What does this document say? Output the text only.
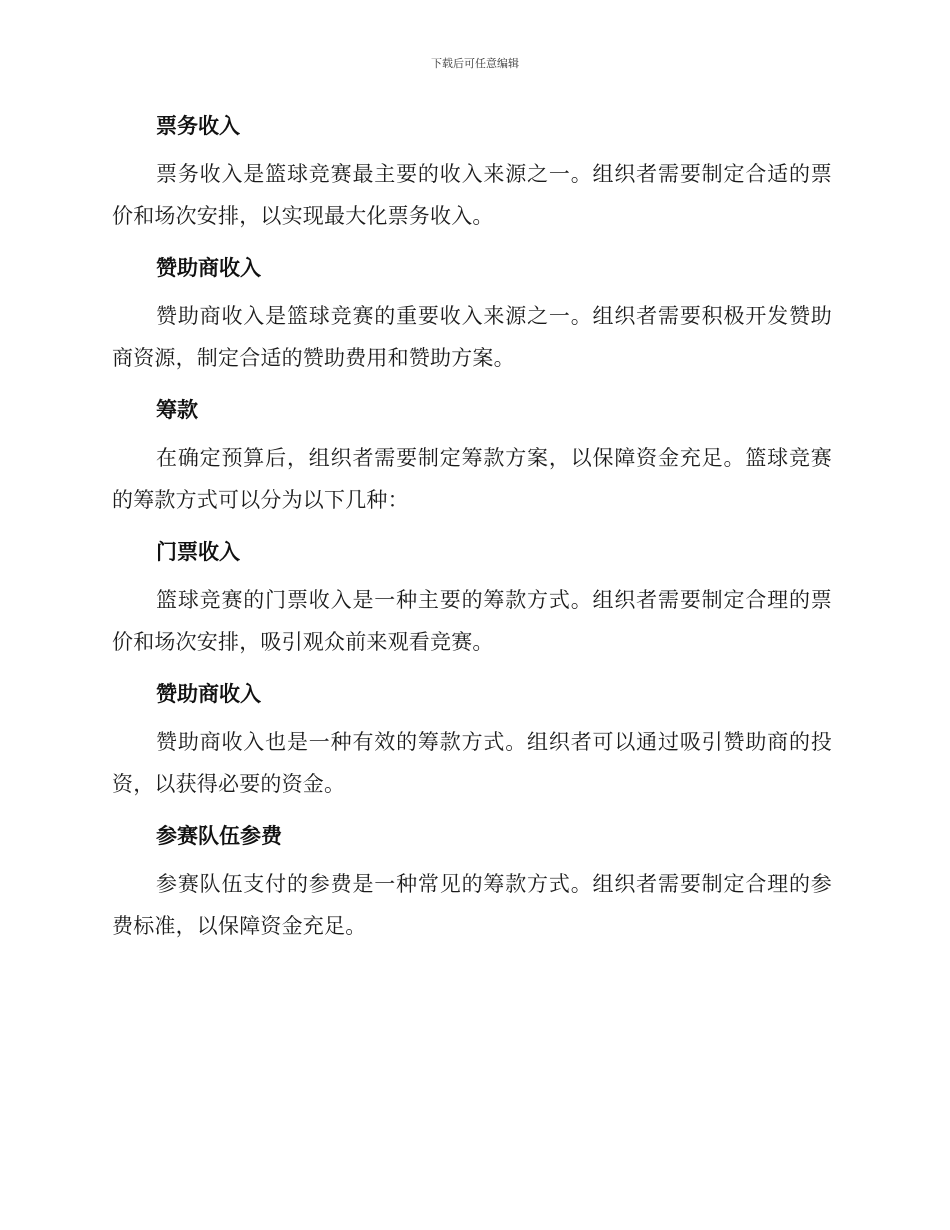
下载后可任意编辑
票务收入

票务收入是篮球竞赛最主要的收入来源之一。组织者需要制定合适的票价和场次安排，以实现最大化票务收入。

赞助商收入

赞助商收入是篮球竞赛的重要收入来源之一。组织者需要积极开发赞助商资源，制定合适的赞助费用和赞助方案。

筹款

在确定预算后，组织者需要制定筹款方案，以保障资金充足。篮球竞赛的筹款方式可以分为以下几种：

门票收入

篮球竞赛的门票收入是一种主要的筹款方式。组织者需要制定合理的票价和场次安排，吸引观众前来观看竞赛。

赞助商收入

赞助商收入也是一种有效的筹款方式。组织者可以通过吸引赞助商的投资，以获得必要的资金。

参赛队伍参费

参赛队伍支付的参费是一种常见的筹款方式。组织者需要制定合理的参费标准，以保障资金充足。
